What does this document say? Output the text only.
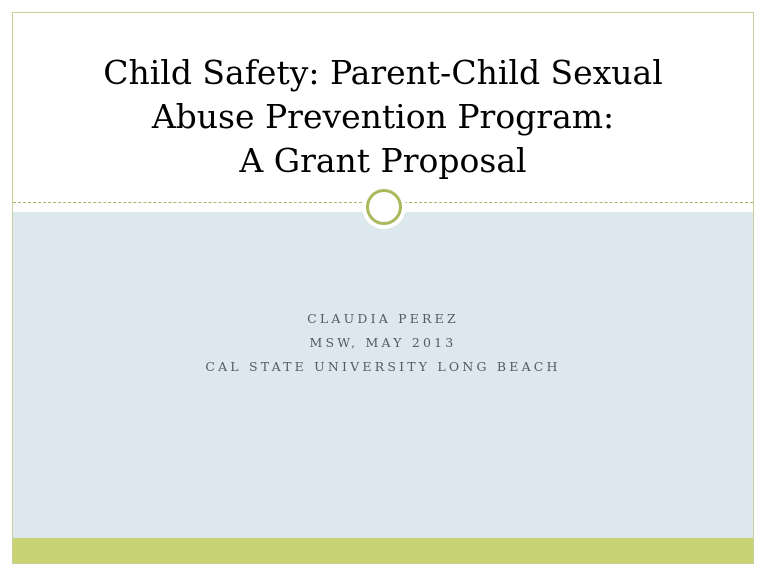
Child Safety: Parent-Child Sexual
Abuse Prevention Program:
A Grant Proposal
CLAUDIA PEREZ
MSW, MAY 2013
CAL STATE UNIVERSITY LONG BEACH
